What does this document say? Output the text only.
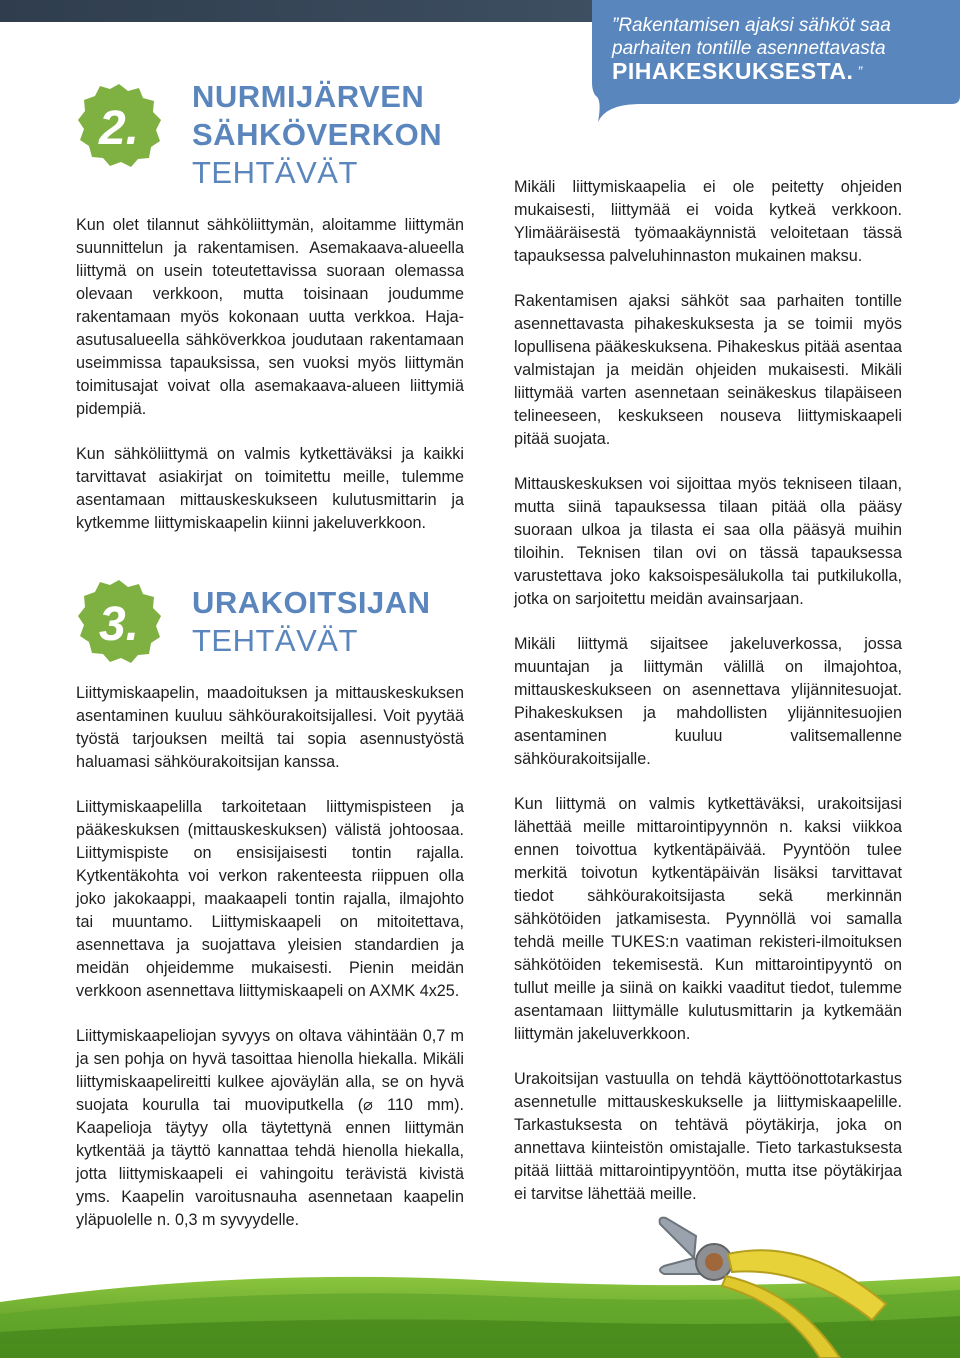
”Rakentamisen ajaksi sähköt saa
parhaiten tontille asennettavasta
PIHAKESKUKSESTA. ”
2.
NURMIJÄRVEN
SÄHKÖVERKON
TEHTÄVÄT

Kun olet tilannut sähköliittymän, aloitamme liittymän suunnittelun ja rakentamisen. Asemakaava-alueella liittymä on usein toteutettavissa suoraan olemassa olevaan verkkoon, mutta toisinaan joudumme rakentamaan myös kokonaan uutta verkkoa. Haja-asutusalueella sähköverkkoa joudutaan rakentamaan useimmissa tapauksissa, sen vuoksi myös liittymän toimitusajat voivat olla asemakaava-alueen liittymiä pidempiä.

Kun sähköliittymä on valmis kytkettäväksi ja kaikki tarvittavat asiakirjat on toimitettu meille, tulemme asentamaan mittauskeskukseen kulutusmittarin ja kytkemme liittymiskaapelin kiinni jakeluverkkoon.

3. URAKOITSIJAN
TEHTÄVÄT

Liittymiskaapelin, maadoituksen ja mittauskeskuksen asentaminen kuuluu sähköurakoitsijallesi. Voit pyytää työstä tarjouksen meiltä tai sopia asennustyöstä haluamasi sähköurakoitsijan kanssa.

Liittymiskaapelilla tarkoitetaan liittymispisteen ja pääkeskuksen (mittauskeskuksen) välistä johtoosaa. Liittymispiste on ensisijaisesti tontin rajalla. Kytkentäkohta voi verkon rakenteesta riippuen olla joko jakokaappi, maakaapeli tontin rajalla, ilmajohto tai muuntamo. Liittymiskaapeli on mitoitettava, asennettava ja suojattava yleisien standardien ja meidän ohjeidemme mukaisesti. Pienin meidän verkkoon asennettava liittymiskaapeli on AXMK 4x25.

Liittymiskaapeliojan syvyys on oltava vähintään 0,7 m ja sen pohja on hyvä tasoittaa hienolla hiekalla. Mikäli liittymiskaapelireitti kulkee ajoväylän alla, se on hyvä suojata kourulla tai muoviputkella (⌀ 110 mm). Kaapelioja täytyy olla täytettynä ennen liittymän kytkentää ja täyttö kannattaa tehdä hienolla hiekalla, jotta liittymiskaapeli ei vahingoitu terävistä kivistä yms. Kaapelin varoitusnauha asennetaan kaapelin yläpuolelle n. 0,3 m syvyydelle.

Mikäli liittymiskaapelia ei ole peitetty ohjeiden mukaisesti, liittymää ei voida kytkeä verkkoon. Ylimääräisestä työmaakäynnistä veloitetaan tässä tapauksessa palveluhinnaston mukainen maksu.

Rakentamisen ajaksi sähköt saa parhaiten tontille asennettavasta pihakeskuksesta ja se toimii myös lopullisena pääkeskuksena. Pihakeskus pitää asentaa valmistajan ja meidän ohjeiden mukaisesti. Mikäli liittymää varten asennetaan seinäkeskus tilapäiseen telineeseen, keskukseen nouseva liittymiskaapeli pitää suojata.

Mittauskeskuksen voi sijoittaa myös tekniseen tilaan, mutta siinä tapauksessa tilaan pitää olla pääsy suoraan ulkoa ja tilasta ei saa olla pääsyä muihin tiloihin. Teknisen tilan ovi on tässä tapauksessa varustettava joko kaksoispesälukolla tai putkilukolla, jotka on sarjoitettu meidän avainsarjaan.

Mikäli liittymä sijaitsee jakeluverkossa, jossa muuntajan ja liittymän välillä on ilmajohtoa, mittauskeskukseen on asennettava ylijännitesuojat. Pihakeskuksen ja mahdollisten ylijännitesuojien asentaminen kuuluu valitsemallenne sähköurakoitsijalle.

Kun liittymä on valmis kytkettäväksi, urakoitsijasi lähettää meille mittarointipyynnön n. kaksi viikkoa ennen toivottua kytkentäpäivää. Pyyntöön tulee merkitä toivotun kytkentäpäivän lisäksi tarvittavat tiedot sähköurakoitsijasta sekä merkinnän sähkötöiden jatkamisesta. Pyynnöllä voi samalla tehdä meille TUKES:n vaatiman rekisteri-ilmoituksen sähkötöiden tekemisestä. Kun mittarointipyyntö on tullut meille ja siinä on kaikki vaaditut tiedot, tulemme asentamaan liittymälle kulutusmittarin ja kytkemään liittymän jakeluverkkoon.

Urakoitsijan vastuulla on tehdä käyttöönottotarkastus asennetulle mittauskeskukselle ja liittymiskaapelille. Tarkastuksesta on tehtävä pöytäkirja, joka on annettava kiinteistön omistajalle. Tieto tarkastuksesta pitää liittää mittarointipyyntöön, mutta itse pöytäkirjaa ei tarvitse lähettää meille.
